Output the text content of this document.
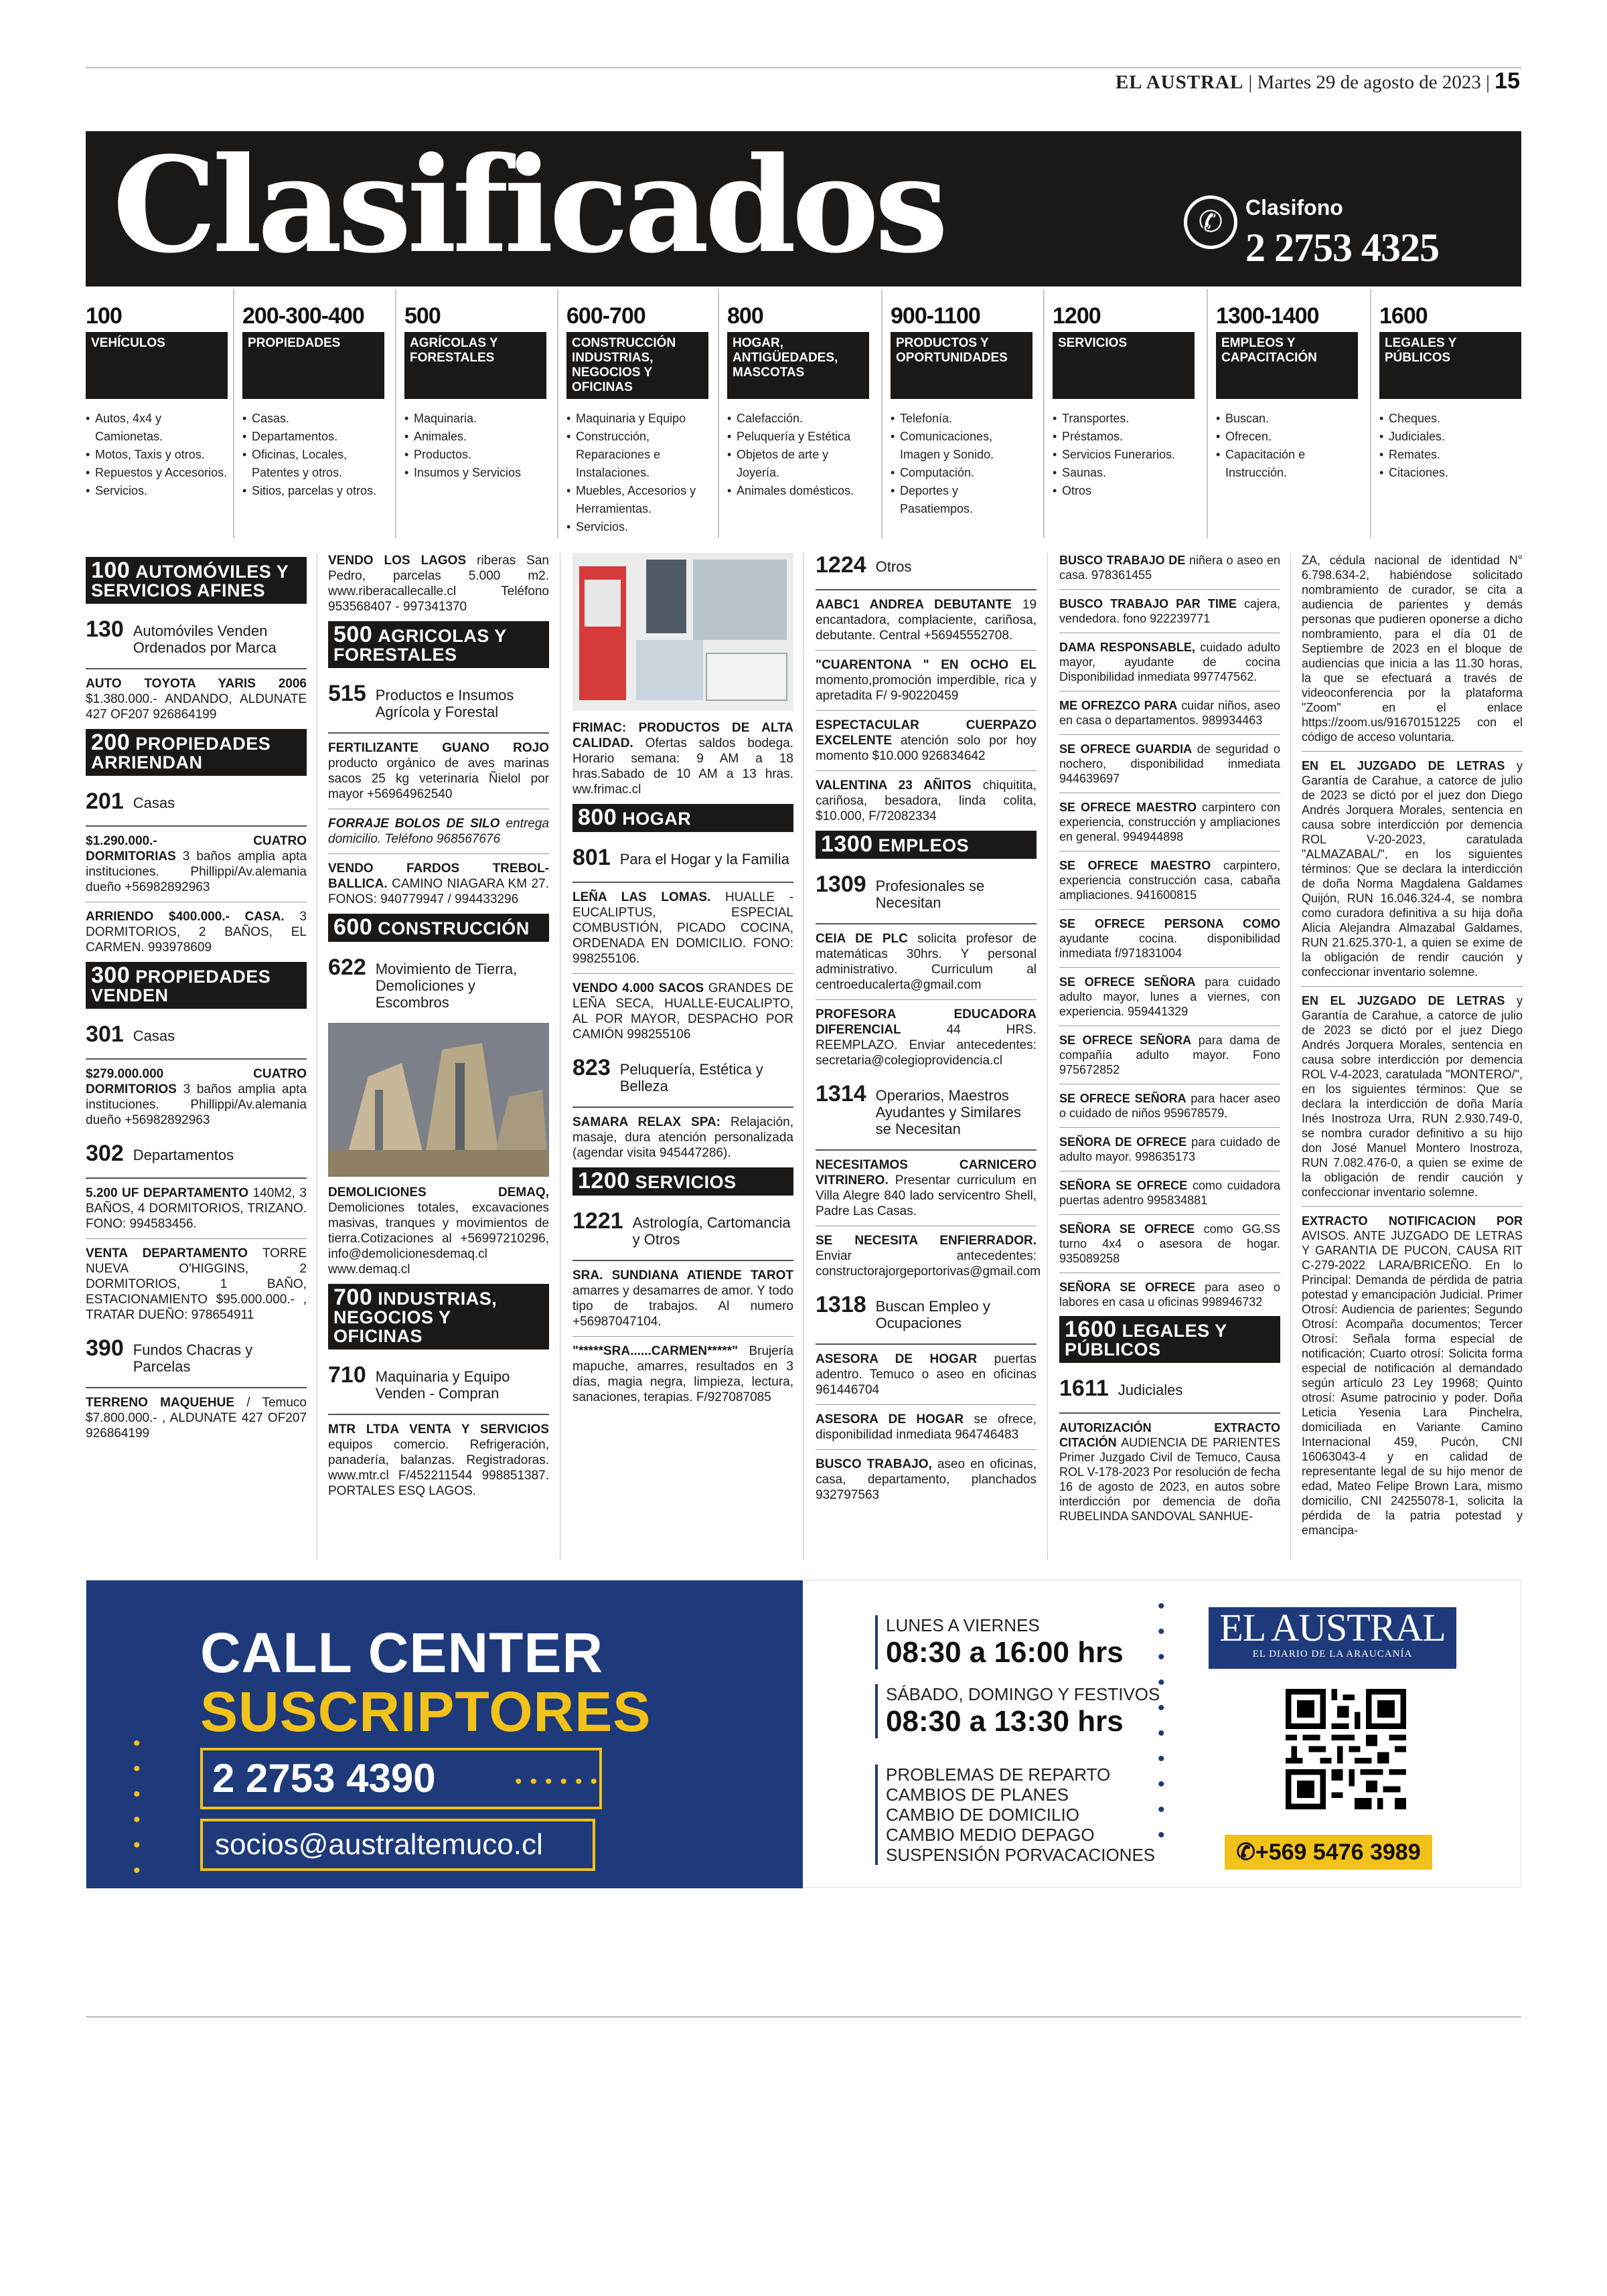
EL AUSTRAL | Martes 29 de agosto de 2023 | 15
Clasificados	✆	Clasifono
2 2753 4325
100
VEHÍCULOS
• Autos, 4x4 y Camionetas.
• Motos, Taxis y otros.
• Repuestos y Accesorios.
• Servicios.
200-300-400
PROPIEDADES
• Casas.
• Departamentos.
• Oficinas, Locales, Patentes y otros.
• Sitios, parcelas y otros.
500
AGRÍCOLAS Y FORESTALES
• Maquinaria.
• Animales.
• Productos.
• Insumos y Servicios
600-700
CONSTRUCCIÓN INDUSTRIAS, NEGOCIOS Y OFICINAS
• Maquinaria y Equipo
• Construcción, Reparaciones e Instalaciones.
• Muebles, Accesorios y Herramientas.
• Servicios.
800
HOGAR, ANTIGÜEDADES, MASCOTAS
• Calefacción.
• Peluquería y Estética
• Objetos de arte y Joyería.
• Animales domésticos.
900-1100
PRODUCTOS Y OPORTUNIDADES
• Telefonía.
• Comunicaciones, Imagen y Sonido.
• Computación.
• Deportes y Pasatiempos.
1200
SERVICIOS
• Transportes.
• Préstamos.
• Servicios Funerarios.
• Saunas.
• Otros
1300-1400
EMPLEOS Y CAPACITACIÓN
• Buscan.
• Ofrecen.
• Capacitación e Instrucción.
1600
LEGALES Y PÚBLICOS
• Cheques.
• Judiciales.
• Remates.
• Citaciones.
100 AUTOMÓVILES Y SERVICIOS AFINES
130 Automóviles Venden Ordenados por Marca

AUTO TOYOTA YARIS 2006 $1.380.000.- ANDANDO, ALDUNATE 427 OF207 926864199

200 PROPIEDADES ARRIENDAN
201 Casas

$1.290.000.- CUATRO DORMITORIAS 3 baños amplia apta instituciones. Phillippi/Av.alemania dueño +56982892963

ARRIENDO $400.000.- CASA. 3 DORMITORIOS, 2 BAÑOS, EL CARMEN. 993978609

300 PROPIEDADES VENDEN
301 Casas

$279.000.000 CUATRO DORMITORIOS 3 baños amplia apta instituciones. Phillippi/Av.alemania dueño +56982892963

302 Departamentos

5.200 UF DEPARTAMENTO 140M2, 3 BAÑOS, 4 DORMITORIOS, TRIZANO. FONO: 994583456.

VENTA DEPARTAMENTO TORRE NUEVA O'HIGGINS, 2 DORMITORIOS, 1 BAÑO, ESTACIONAMIENTO $95.000.000.- , TRATAR DUEÑO: 978654911

390 Fundos Chacras y Parcelas

TERRENO MAQUEHUE / Temuco $7.800.000.- , ALDUNATE 427 OF207 926864199

VENDO LOS LAGOS riberas San Pedro, parcelas 5.000 m2. www.riberacallecalle.cl Teléfono 953568407 - 997341370

500 AGRICOLAS Y FORESTALES
515 Productos e Insumos Agrícola y Forestal

FERTILIZANTE GUANO ROJO producto orgánico de aves marinas sacos 25 kg veterinaria Ñielol por mayor +56964962540

FORRAJE BOLOS DE SILO entrega domicilio. Teléfono 968567676

VENDO FARDOS TREBOL-BALLICA. CAMINO NIAGARA KM 27. FONOS: 940779947 / 994433296

600 CONSTRUCCIÓN
622 Movimiento de Tierra, Demoliciones y Escombros

DEMOLICIONES DEMAQ, Demoliciones totales, excavaciones masivas, tranques y movimientos de tierra.Cotizaciones al +56997210296, info@demolicionesdemaq.cl www.demaq.cl

700 INDUSTRIAS, NEGOCIOS Y OFICINAS
710 Maquinaria y Equipo Venden - Compran

MTR LTDA VENTA Y SERVICIOS equipos comercio. Refrigeración, panadería, balanzas. Registradoras. www.mtr.cl F/452211544 998851387. PORTALES ESQ LAGOS.

FRIMAC: PRODUCTOS DE ALTA CALIDAD. Ofertas saldos bodega. Horario semana: 9 AM a 18 hras.Sabado de 10 AM a 13 hras. ww.frimac.cl

800 HOGAR
801 Para el Hogar y la Familia

LEÑA LAS LOMAS. HUALLE - EUCALIPTUS, ESPECIAL COMBUSTIÓN, PICADO COCINA, ORDENADA EN DOMICILIO. FONO: 998255106.

VENDO 4.000 SACOS GRANDES DE LEÑA SECA, HUALLE-EUCALIPTO, AL POR MAYOR, DESPACHO POR CAMIÓN 998255106

823 Peluquería, Estética y Belleza

SAMARA RELAX SPA: Relajación, masaje, dura atención personalizada (agendar visita 945447286).

1200 SERVICIOS
1221 Astrología, Cartomancia y Otros

SRA. SUNDIANA ATIENDE TAROT amarres y desamarres de amor. Y todo tipo de trabajos. Al numero +56987047104.

"*****SRA......CARMEN*****" Brujería mapuche, amarres, resultados en 3 días, magia negra, limpieza, lectura, sanaciones, terapias. F/927087085

1224 Otros

AABC1 ANDREA DEBUTANTE 19 encantadora, complaciente, cariñosa, debutante. Central +56945552708.

"CUARENTONA " EN OCHO EL momento,promoción imperdible, rica y apretadita F/ 9-90220459

ESPECTACULAR CUERPAZO EXCELENTE atención solo por hoy momento $10.000 926834642

VALENTINA 23 AÑITOS chiquitita, cariñosa, besadora, linda colita, $10.000, F/72082334

1300 EMPLEOS
1309 Profesionales se Necesitan

CEIA DE PLC solicita profesor de matemáticas 30hrs. Y personal administrativo. Curriculum al centroeducalerta@gmail.com

PROFESORA EDUCADORA DIFERENCIAL	44 HRS. REEMPLAZO. Enviar antecedentes: secretaria@colegioprovidencia.cl

1314 Operarios, Maestros Ayudantes y Similares se Necesitan

NECESITAMOS CARNICERO VITRINERO. Presentar curriculum en Villa Alegre 840 lado servicentro Shell, Padre Las Casas.

SE NECESITA ENFIERRADOR. Enviar antecedentes: constructorajorgeportorivas@gmail.com

1318 Buscan Empleo y Ocupaciones

ASESORA DE HOGAR puertas adentro. Temuco o aseo en oficinas 961446704

ASESORA DE HOGAR se ofrece, disponibilidad inmediata 964746483

BUSCO TRABAJO, aseo en oficinas, casa, departamento, planchados 932797563

BUSCO TRABAJO DE niñera o aseo en casa. 978361455

BUSCO TRABAJO PAR TIME cajera, vendedora. fono 922239771

DAMA RESPONSABLE, cuidado adulto mayor, ayudante de cocina Disponibilidad inmediata 997747562.

ME OFREZCO PARA cuidar niños, aseo en casa o departamentos. 989934463

SE OFRECE GUARDIA de seguridad o nochero, disponibilidad inmediata 944639697

SE OFRECE MAESTRO carpintero con experiencia, construcción y ampliaciones en general. 994944898

SE OFRECE MAESTRO carpintero, experiencia construcción casa, cabaña ampliaciones. 941600815

SE OFRECE PERSONA COMO ayudante cocina. disponibilidad inmediata f/971831004

SE OFRECE SEÑORA para cuidado adulto mayor, lunes a viernes, con experiencia. 959441329

SE OFRECE SEÑORA para dama de compañía adulto mayor. Fono 975672852

SE OFRECE SEÑORA para hacer aseo o cuidado de niños 959678579.

SEÑORA DE OFRECE para cuidado de adulto mayor. 998635173

SEÑORA SE OFRECE como cuidadora puertas adentro 995834881

SEÑORA SE OFRECE como GG.SS turno 4x4 o asesora de hogar. 935089258

SEÑORA SE OFRECE para aseo o labores en casa u oficinas 998946732

1600 LEGALES Y PÚBLICOS
1611 Judiciales

AUTORIZACIÓN EXTRACTO CITACIÓN AUDIENCIA DE PARIENTES Primer Juzgado Civil de Temuco, Causa ROL V-178-2023 Por resolución de fecha 16 de agosto de 2023, en autos sobre interdicción por demencia de doña RUBELINDA SANDOVAL SANHUE-

ZA, cédula nacional de identidad N° 6.798.634-2, habiéndose solicitado nombramiento de curador, se cita a audiencia de parientes y demás personas que pudieren oponerse a dicho nombramiento, para el día 01 de Septiembre de 2023 en el bloque de audiencias que inicia a las 11.30 horas, la que se efectuará a través de videoconferencia por la plataforma "Zoom" en el enlace https://zoom.us/91670151225 con el código de acceso voluntaria.

EN EL JUZGADO DE LETRAS y Garantía de Carahue, a catorce de julio de 2023 se dictó por el juez don Diego Andrés Jorquera Morales, sentencia en causa sobre interdicción por demencia ROL V-20-2023, caratulada "ALMAZABAL/", en los siguientes términos: Que se declara la interdicción de doña Norma Magdalena Galdames Quijón, RUN 16.046.324-4, se nombra como curadora definitiva a su hija doña Alicia Alejandra Almazabal Galdames, RUN 21.625.370-1, a quien se exime de la obligación de rendir caución y confeccionar inventario solemne.

EN EL JUZGADO DE LETRAS y Garantía de Carahue, a catorce de julio de 2023 se dictó por el juez Diego Andrés Jorquera Morales, sentencia en causa sobre interdicción por demencia ROL V-4-2023, caratulada "MONTERO/", en los siguientes términos: Que se declara la interdicción de doña María Inés Inostroza Urra, RUN 2.930.749-0, se nombra curador definitivo a su hijo don José Manuel Montero Inostroza, RUN 7.082.476-0, a quien se exime de la obligación de rendir caución y confeccionar inventario solemne.

EXTRACTO NOTIFICACION POR AVISOS. ANTE JUZGADO DE LETRAS Y GARANTIA DE PUCON, CAUSA RIT C-279-2022 LARA/BRICEÑO. En lo Principal: Demanda de pérdida de patria potestad y emancipación Judicial. Primer Otrosí: Audiencia de parientes; Segundo Otrosí: Acompaña documentos; Tercer Otrosí: Señala forma especial de notificación; Cuarto otrosí: Solicita forma especial de notificación al demandado según artículo 23 Ley 19968; Quinto otrosí: Asume patrocinio y poder. Doña Leticia Yesenia Lara Pinchelra, domiciliada en Variante Camino Internacional 459, Pucón, CNI 16063043-4 y en calidad de representante legal de su hijo menor de edad, Mateo Felipe Brown Lara, mismo domicilio, CNI 24255078-1, solicita la pérdida de la patria potestad y emancipa-

•
•
•
•
•
•
CALL CENTER
SUSCRIPTORES
2 2753 4390	••••••
socios@australtemuco.cl
LUNES A VIERNES
08:30 a 16:00 hrs
SÁBADO, DOMINGO Y FESTIVOS
08:30 a 13:30 hrs
PROBLEMAS DE REPARTO
CAMBIOS DE PLANES
CAMBIO DE DOMICILIO
CAMBIO MEDIO DEPAGO
SUSPENSIÓN PORVACACIONES
•
•
•
•
•
•
•
•
•
•
EL AUSTRAL
EL DIARIO DE LA ARAUCANÍA
✆+569 5476 3989
